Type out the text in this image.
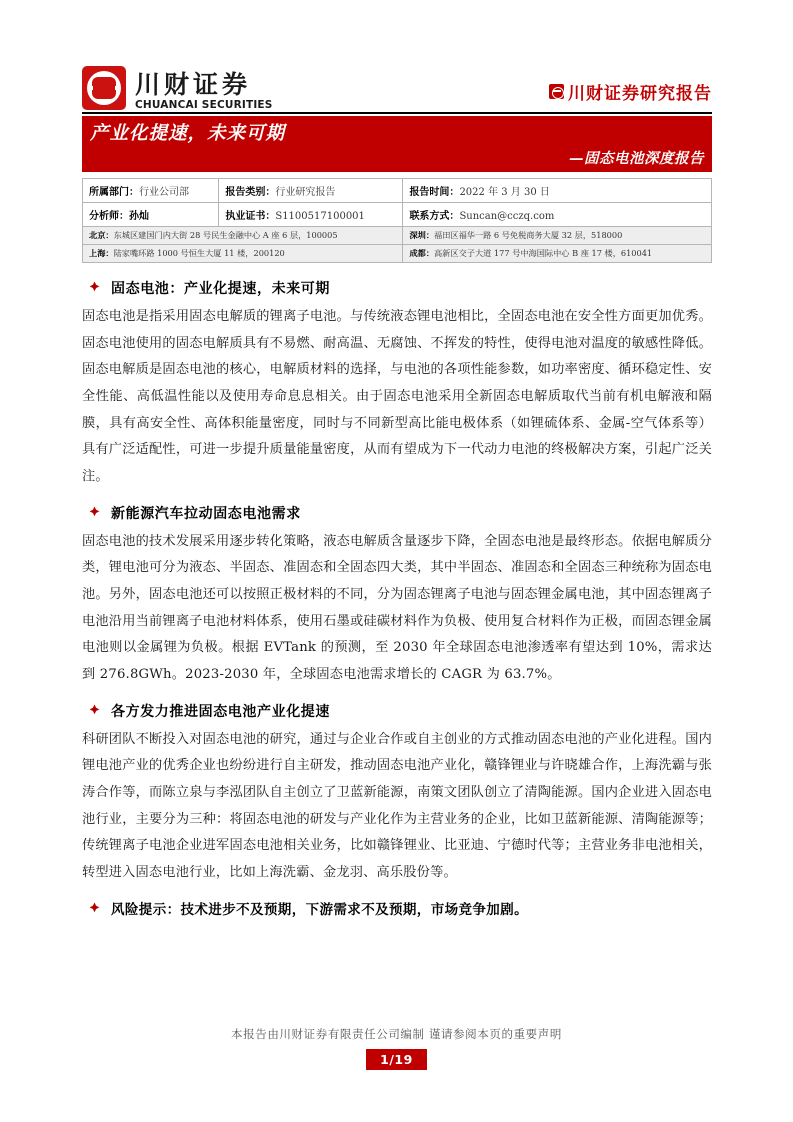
川财证券
CHUANCAI SECURITIES
川财证券研究报告
产业化提速，未来可期
—固态电池深度报告
所属部门：行业公司部	报告类别：行业研究报告	报告时间：2022 年 3 月 30 日
分析师：孙灿	执业证书：S1100517100001	联系方式：Suncan@cczq.com
北京：东城区建国门内大街 28 号民生金融中心 A 座 6 层，100005		深圳：福田区福华一路 6 号免税商务大厦 32 层，518000
上海：陆家嘴环路 1000 号恒生大厦 11 楼，200120		成都：高新区交子大道 177 号中海国际中心 B 座 17 楼，610041
固态电池：产业化提速，未来可期

固态电池是指采用固态电解质的锂离子电池。与传统液态锂电池相比，全固态电池在安全性方面更加优秀。固态电池使用的固态电解质具有不易燃、耐高温、无腐蚀、不挥发的特性，使得电池对温度的敏感性降低。固态电解质是固态电池的核心，电解质材料的选择，与电池的各项性能参数，如功率密度、循环稳定性、安全性能、高低温性能以及使用寿命息息相关。由于固态电池采用全新固态电解质取代当前有机电解液和隔膜，具有高安全性、高体积能量密度，同时与不同新型高比能电极体系（如锂硫体系、金属-空气体系等）具有广泛适配性，可进一步提升质量能量密度，从而有望成为下一代动力电池的终极解决方案，引起广泛关注。

新能源汽车拉动固态电池需求

固态电池的技术发展采用逐步转化策略，液态电解质含量逐步下降，全固态电池是最终形态。依据电解质分类，锂电池可分为液态、半固态、准固态和全固态四大类，其中半固态、准固态和全固态三种统称为固态电池。另外，固态电池还可以按照正极材料的不同，分为固态锂离子电池与固态锂金属电池，其中固态锂离子电池沿用当前锂离子电池材料体系，使用石墨或硅碳材料作为负极、使用复合材料作为正极，而固态锂金属电池则以金属锂为负极。根据 EVTank 的预测，至 2030 年全球固态电池渗透率有望达到 10%，需求达到 276.8GWh。2023-2030 年，全球固态电池需求增长的 CAGR 为 63.7%。

各方发力推进固态电池产业化提速

科研团队不断投入对固态电池的研究，通过与企业合作或自主创业的方式推动固态电池的产业化进程。国内锂电池产业的优秀企业也纷纷进行自主研发，推动固态电池产业化，赣锋锂业与许晓雄合作，上海洗霸与张涛合作等，而陈立泉与李泓团队自主创立了卫蓝新能源，南策文团队创立了清陶能源。国内企业进入固态电池行业，主要分为三种：将固态电池的研发与产业化作为主营业务的企业，比如卫蓝新能源、清陶能源等；传统锂离子电池企业进军固态电池相关业务，比如赣锋锂业、比亚迪、宁德时代等；主营业务非电池相关，转型进入固态电池行业，比如上海洗霸、金龙羽、高乐股份等。

风险提示：技术进步不及预期，下游需求不及预期，市场竞争加剧。
本报告由川财证券有限责任公司编制 谨请参阅本页的重要声明
1/19
